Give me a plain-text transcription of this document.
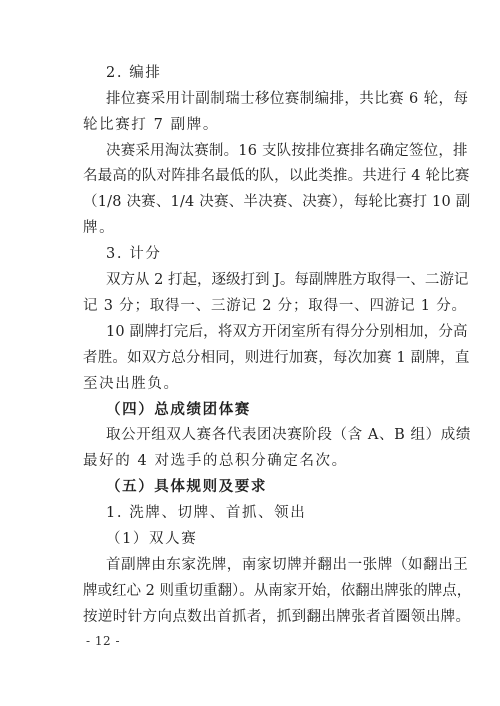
2. 编排
排位赛采用计副制瑞士移位赛制编排，共比赛 6 轮，每
轮比赛打 7 副牌。
决赛采用淘汰赛制。16 支队按排位赛排名确定签位，排
名最高的队对阵排名最低的队，以此类推。共进行 4 轮比赛
（1/8 决赛、1/4 决赛、半决赛、决赛），每轮比赛打 10 副
牌。
3. 计分
双方从 2 打起，逐级打到 J。每副牌胜方取得一、二游记
记 3 分；取得一、三游记 2 分；取得一、四游记 1 分。
10 副牌打完后，将双方开闭室所有得分分别相加，分高
者胜。如双方总分相同，则进行加赛，每次加赛 1 副牌，直
至决出胜负。
（四）总成绩团体赛
取公开组双人赛各代表团决赛阶段（含 A、B 组）成绩
最好的 4 对选手的总积分确定名次。
（五）具体规则及要求
1. 洗牌、切牌、首抓、领出
（1）双人赛
首副牌由东家洗牌，南家切牌并翻出一张牌（如翻出王
牌或红心 2 则重切重翻）。从南家开始，依翻出牌张的牌点，
按逆时针方向点数出首抓者，抓到翻出牌张者首圈领出牌。
- 12 -
